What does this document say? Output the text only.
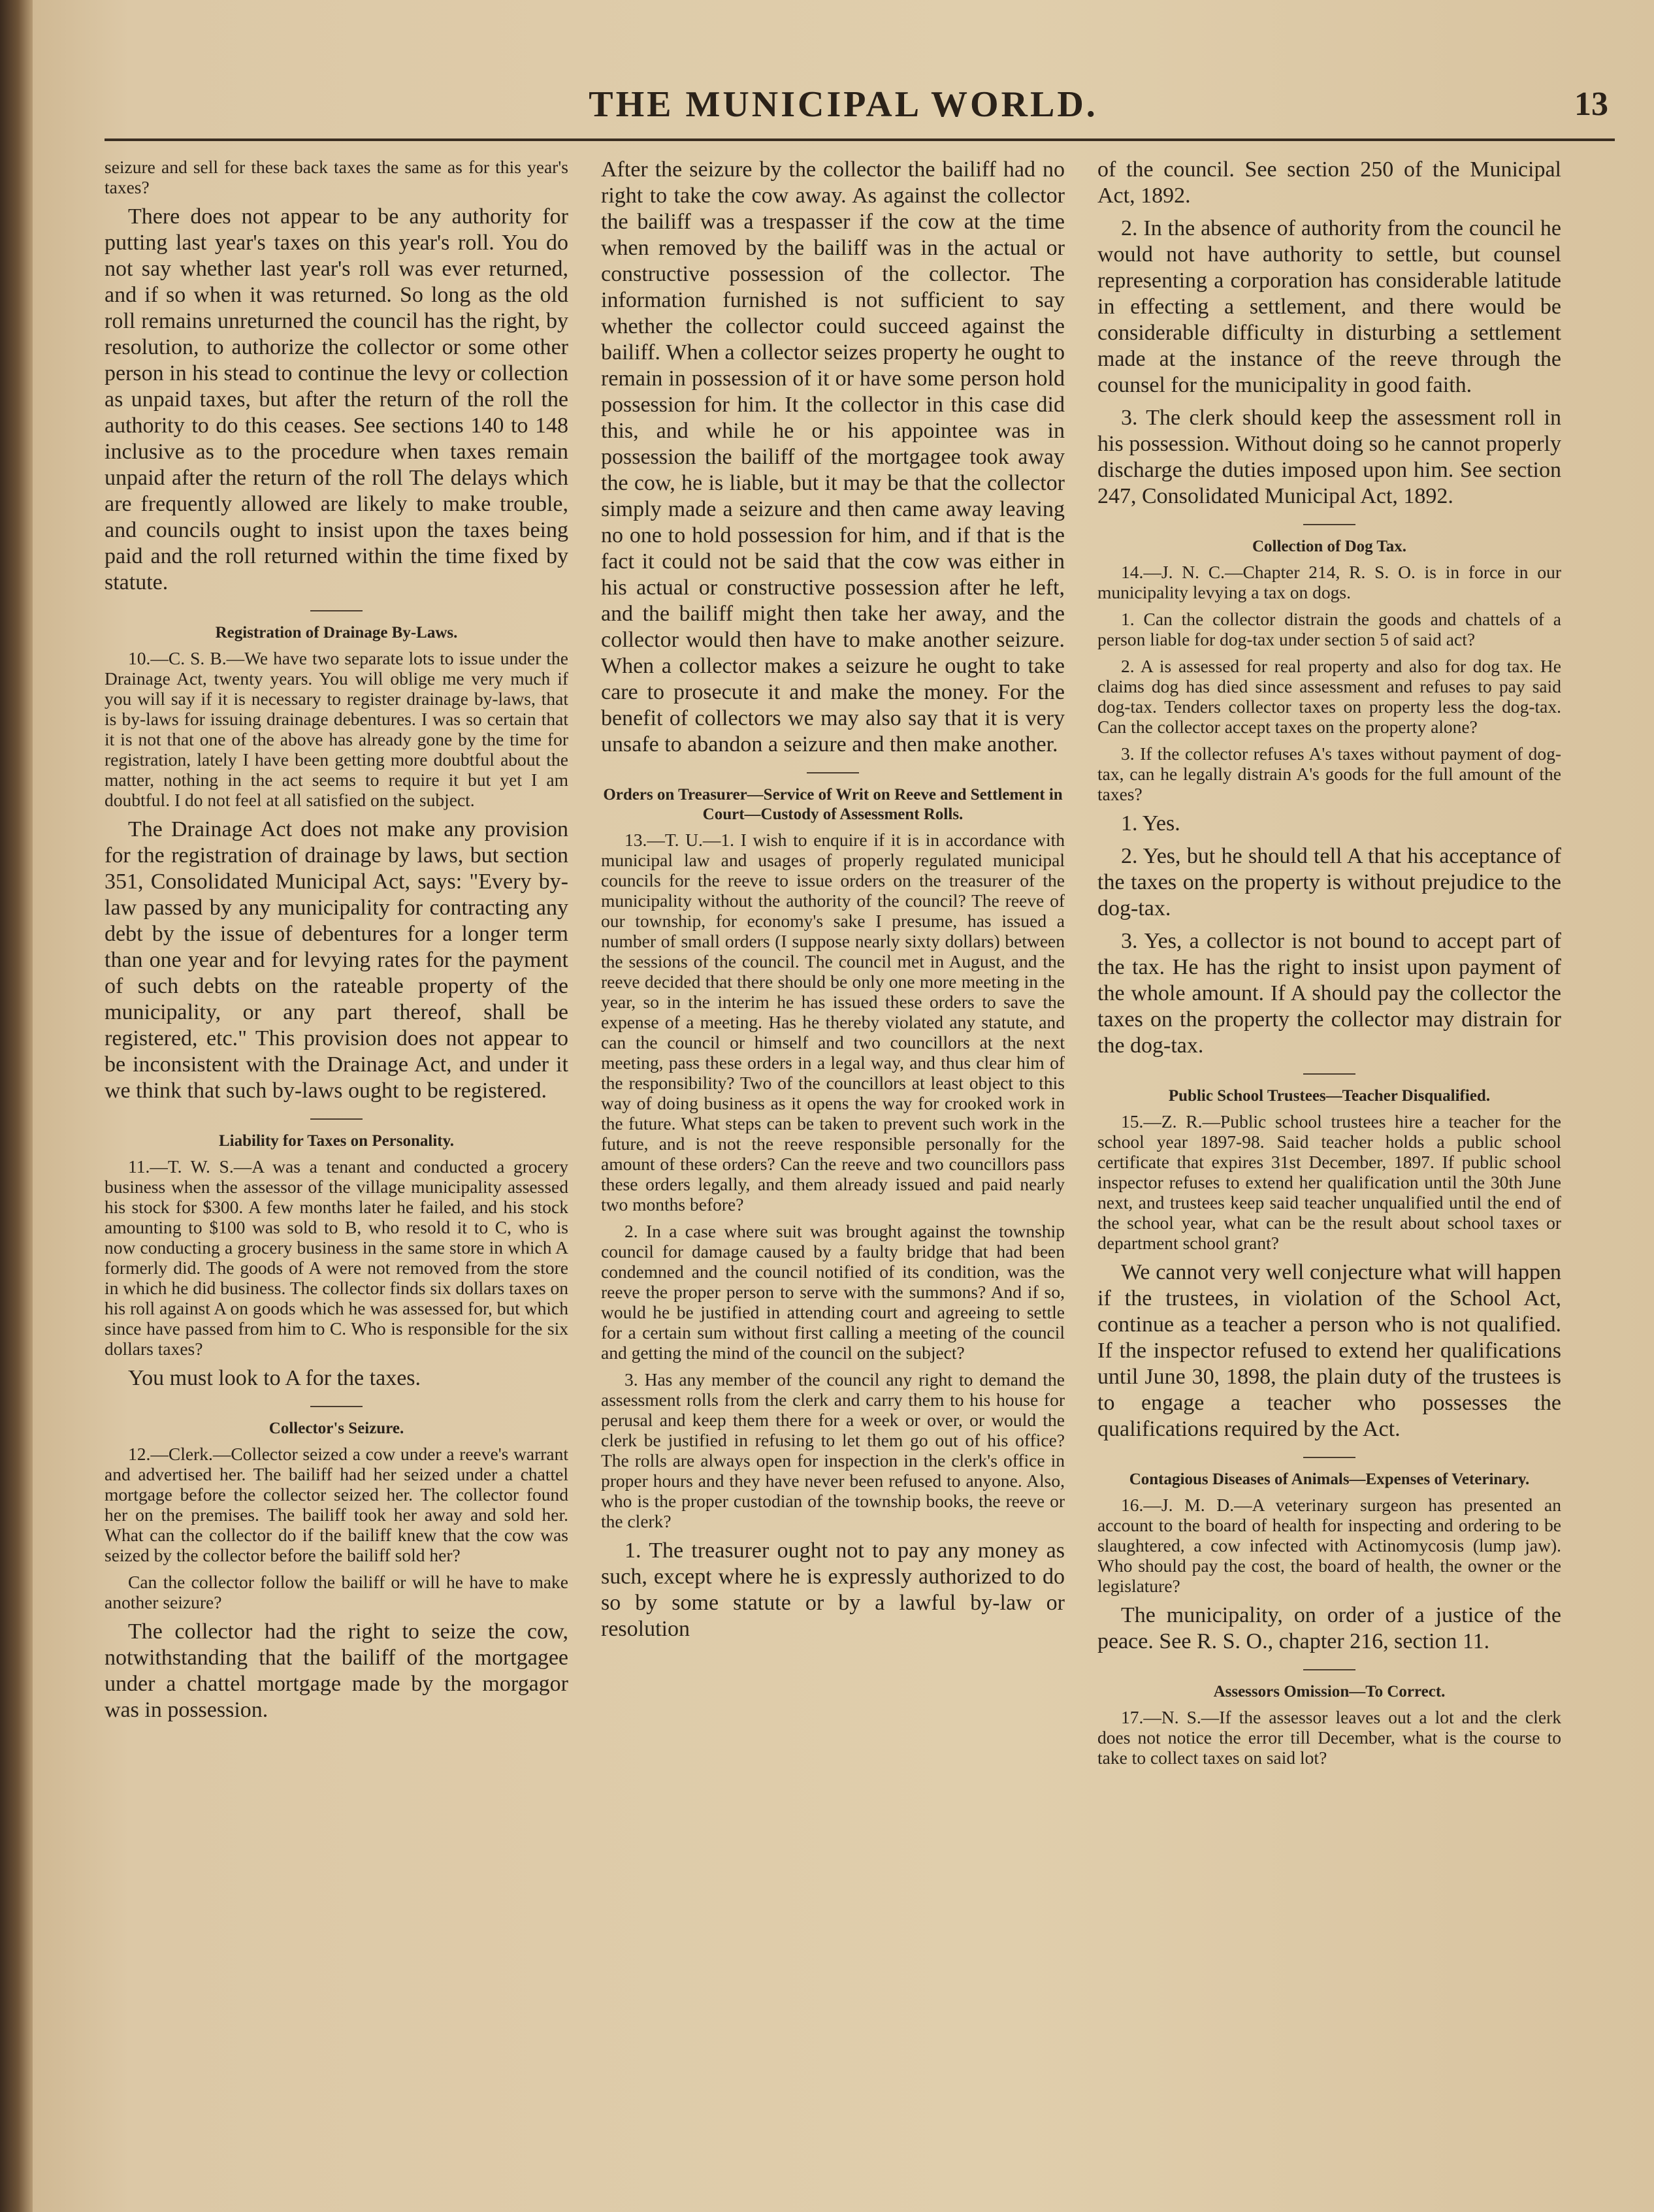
THE MUNICIPAL WORLD.	13

seizure and sell for these back taxes the same as for this year's taxes?

There does not appear to be any authority for putting last year's taxes on this year's roll. You do not say whether last year's roll was ever returned, and if so when it was returned. So long as the old roll remains unreturned the council has the right, by resolution, to authorize the collector or some other person in his stead to continue the levy or collection as unpaid taxes, but after the return of the roll the authority to do this ceases. See sections 140 to 148 inclusive as to the procedure when taxes remain unpaid after the return of the roll The delays which are frequently allowed are likely to make trouble, and councils ought to insist upon the taxes being paid and the roll returned within the time fixed by statute.

Registration of Drainage By-Laws.

10.—C. S. B.—We have two separate lots to issue under the Drainage Act, twenty years. You will oblige me very much if you will say if it is necessary to register drainage by-laws, that is by-laws for issuing drainage debentures. I was so certain that it is not that one of the above has already gone by the time for registration, lately I have been getting more doubtful about the matter, nothing in the act seems to require it but yet I am doubtful. I do not feel at all satisfied on the subject.

The Drainage Act does not make any provision for the registration of drainage by laws, but section 351, Consolidated Municipal Act, says: "Every by-law passed by any municipality for contracting any debt by the issue of debentures for a longer term than one year and for levying rates for the payment of such debts on the rateable property of the municipality, or any part thereof, shall be registered, etc." This provision does not appear to be inconsistent with the Drainage Act, and under it we think that such by-laws ought to be registered.

Liability for Taxes on Personality.

11.—T. W. S.—A was a tenant and conducted a grocery business when the assessor of the village municipality assessed his stock for $300. A few months later he failed, and his stock amounting to $100 was sold to B, who resold it to C, who is now conducting a grocery business in the same store in which A formerly did. The goods of A were not removed from the store in which he did business. The collector finds six dollars taxes on his roll against A on goods which he was assessed for, but which since have passed from him to C. Who is responsible for the six dollars taxes?

You must look to A for the taxes.

Collector's Seizure.

12.—Clerk.—Collector seized a cow under a reeve's warrant and advertised her. The bailiff had her seized under a chattel mortgage before the collector seized her. The collector found her on the premises. The bailiff took her away and sold her. What can the collector do if the bailiff knew that the cow was seized by the collector before the bailiff sold her?

Can the collector follow the bailiff or will he have to make another seizure?

The collector had the right to seize the cow, notwithstanding that the bailiff of the mortgagee under a chattel mortgage made by the morgagor was in possession.

After the seizure by the collector the bailiff had no right to take the cow away. As against the collector the bailiff was a trespasser if the cow at the time when removed by the bailiff was in the actual or constructive possession of the collector. The information furnished is not sufficient to say whether the collector could succeed against the bailiff. When a collector seizes property he ought to remain in possession of it or have some person hold possession for him. It the collector in this case did this, and while he or his appointee was in possession the bailiff of the mortgagee took away the cow, he is liable, but it may be that the collector simply made a seizure and then came away leaving no one to hold possession for him, and if that is the fact it could not be said that the cow was either in his actual or constructive possession after he left, and the bailiff might then take her away, and the collector would then have to make another seizure. When a collector makes a seizure he ought to take care to prosecute it and make the money. For the benefit of collectors we may also say that it is very unsafe to abandon a seizure and then make another.

Orders on Treasurer—Service of Writ on Reeve and Settlement in Court—Custody of Assessment Rolls.

13.—T. U.—1. I wish to enquire if it is in accordance with municipal law and usages of properly regulated municipal councils for the reeve to issue orders on the treasurer of the municipality without the authority of the council? The reeve of our township, for economy's sake I presume, has issued a number of small orders (I suppose nearly sixty dollars) between the sessions of the council. The council met in August, and the reeve decided that there should be only one more meeting in the year, so in the interim he has issued these orders to save the expense of a meeting. Has he thereby violated any statute, and can the council or himself and two councillors at the next meeting, pass these orders in a legal way, and thus clear him of the responsibility? Two of the councillors at least object to this way of doing business as it opens the way for crooked work in the future. What steps can be taken to prevent such work in the future, and is not the reeve responsible personally for the amount of these orders? Can the reeve and two councillors pass these orders legally, and them already issued and paid nearly two months before?

2. In a case where suit was brought against the township council for damage caused by a faulty bridge that had been condemned and the council notified of its condition, was the reeve the proper person to serve with the summons? And if so, would he be justified in attending court and agreeing to settle for a certain sum without first calling a meeting of the council and getting the mind of the council on the subject?

3. Has any member of the council any right to demand the assessment rolls from the clerk and carry them to his house for perusal and keep them there for a week or over, or would the clerk be justified in refusing to let them go out of his office? The rolls are always open for inspection in the clerk's office in proper hours and they have never been refused to anyone. Also, who is the proper custodian of the township books, the reeve or the clerk?

1. The treasurer ought not to pay any money as such, except where he is expressly authorized to do so by some statute or by a lawful by-law or resolution

of the council. See section 250 of the Municipal Act, 1892.

2. In the absence of authority from the council he would not have authority to settle, but counsel representing a corporation has considerable latitude in effecting a settlement, and there would be considerable difficulty in disturbing a settlement made at the instance of the reeve through the counsel for the municipality in good faith.

3. The clerk should keep the assessment roll in his possession. Without doing so he cannot properly discharge the duties imposed upon him. See section 247, Consolidated Municipal Act, 1892.

Collection of Dog Tax.

14.—J. N. C.—Chapter 214, R. S. O. is in force in our municipality levying a tax on dogs.

1. Can the collector distrain the goods and chattels of a person liable for dog-tax under section 5 of said act?

2. A is assessed for real property and also for dog tax. He claims dog has died since assessment and refuses to pay said dog-tax. Tenders collector taxes on property less the dog-tax. Can the collector accept taxes on the property alone?

3. If the collector refuses A's taxes without payment of dog-tax, can he legally distrain A's goods for the full amount of the taxes?

1. Yes.

2. Yes, but he should tell A that his acceptance of the taxes on the property is without prejudice to the dog-tax.

3. Yes, a collector is not bound to accept part of the tax. He has the right to insist upon payment of the whole amount. If A should pay the collector the taxes on the property the collector may distrain for the dog-tax.

Public School Trustees—Teacher Disqualified.

15.—Z. R.—Public school trustees hire a teacher for the school year 1897-98. Said teacher holds a public school certificate that expires 31st December, 1897. If public school inspector refuses to extend her qualification until the 30th June next, and trustees keep said teacher unqualified until the end of the school year, what can be the result about school taxes or department school grant?

We cannot very well conjecture what will happen if the trustees, in violation of the School Act, continue as a teacher a person who is not qualified. If the inspector refused to extend her qualifications until June 30, 1898, the plain duty of the trustees is to engage a teacher who possesses the qualifications required by the Act.

Contagious Diseases of Animals—Expenses of Veterinary.

16.—J. M. D.—A veterinary surgeon has presented an account to the board of health for inspecting and ordering to be slaughtered, a cow infected with Actinomycosis (lump jaw). Who should pay the cost, the board of health, the owner or the legislature?

The municipality, on order of a justice of the peace. See R. S. O., chapter 216, section 11.

Assessors Omission—To Correct.

17.—N. S.—If the assessor leaves out a lot and the clerk does not notice the error till December, what is the course to take to collect taxes on said lot?
